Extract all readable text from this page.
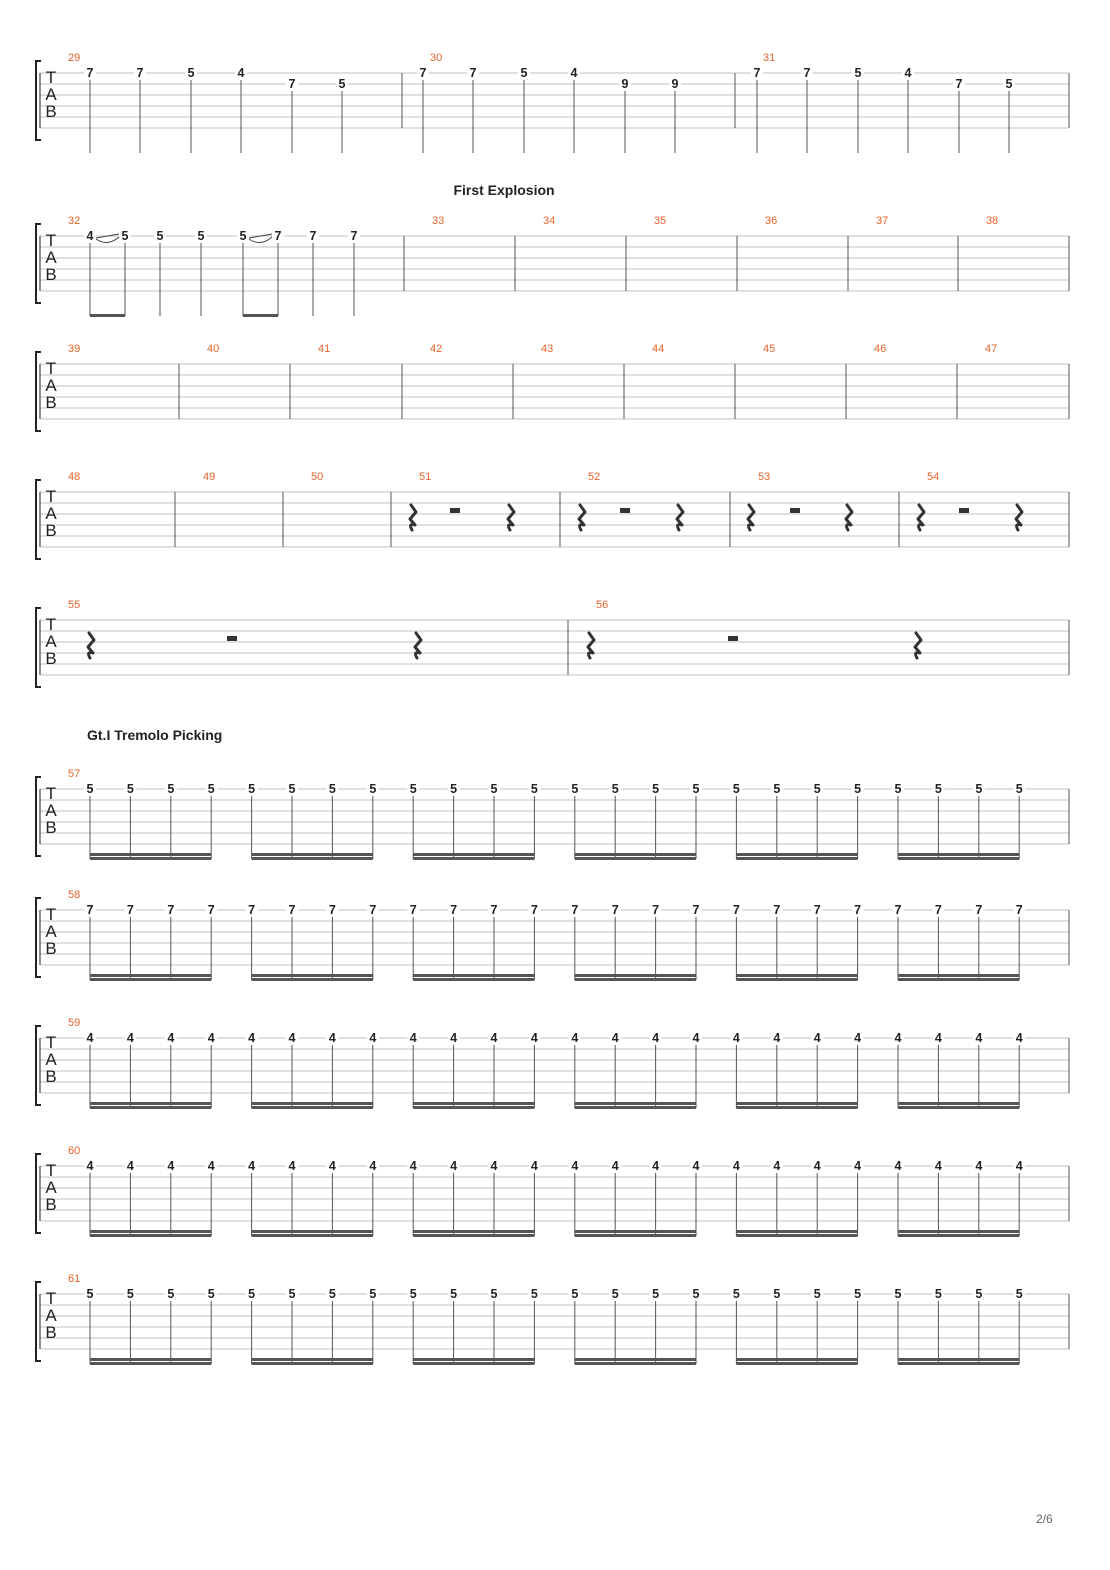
T
A
B
29
7	7	5	4
7	5
30
7	7	5	4
9	9
31
7	7	5	4
7	5
T
A
B
First Explosion
32
4 5 5	5	5 7 7	7
33	34	35	36	37	38
T
A
B
39	40	41	42	43	44	45	46	47
T
A
B
48	49	50	51	52	53	54
T
A
B
55	56
T
A
B
Gt.I Tremolo Picking
57
5	5	5	5	5	5	5	5	5	5	5	5	5	5	5	5	5	5	5	5	5	5	5	5
T
A
B
58
7	7	7	7	7	7	7	7	7	7	7	7	7	7	7	7	7	7	7	7	7	7	7	7
T
A
B
59
4	4	4	4	4	4	4	4	4	4	4	4	4	4	4	4	4	4	4	4	4	4	4	4
T
A
B
60
4	4	4	4	4	4	4	4	4	4	4	4	4	4	4	4	4	4	4	4	4	4	4	4
T
A
B
61
5	5	5	5	5	5	5	5	5	5	5	5	5	5	5	5	5	5	5	5	5	5	5	5
2/6
